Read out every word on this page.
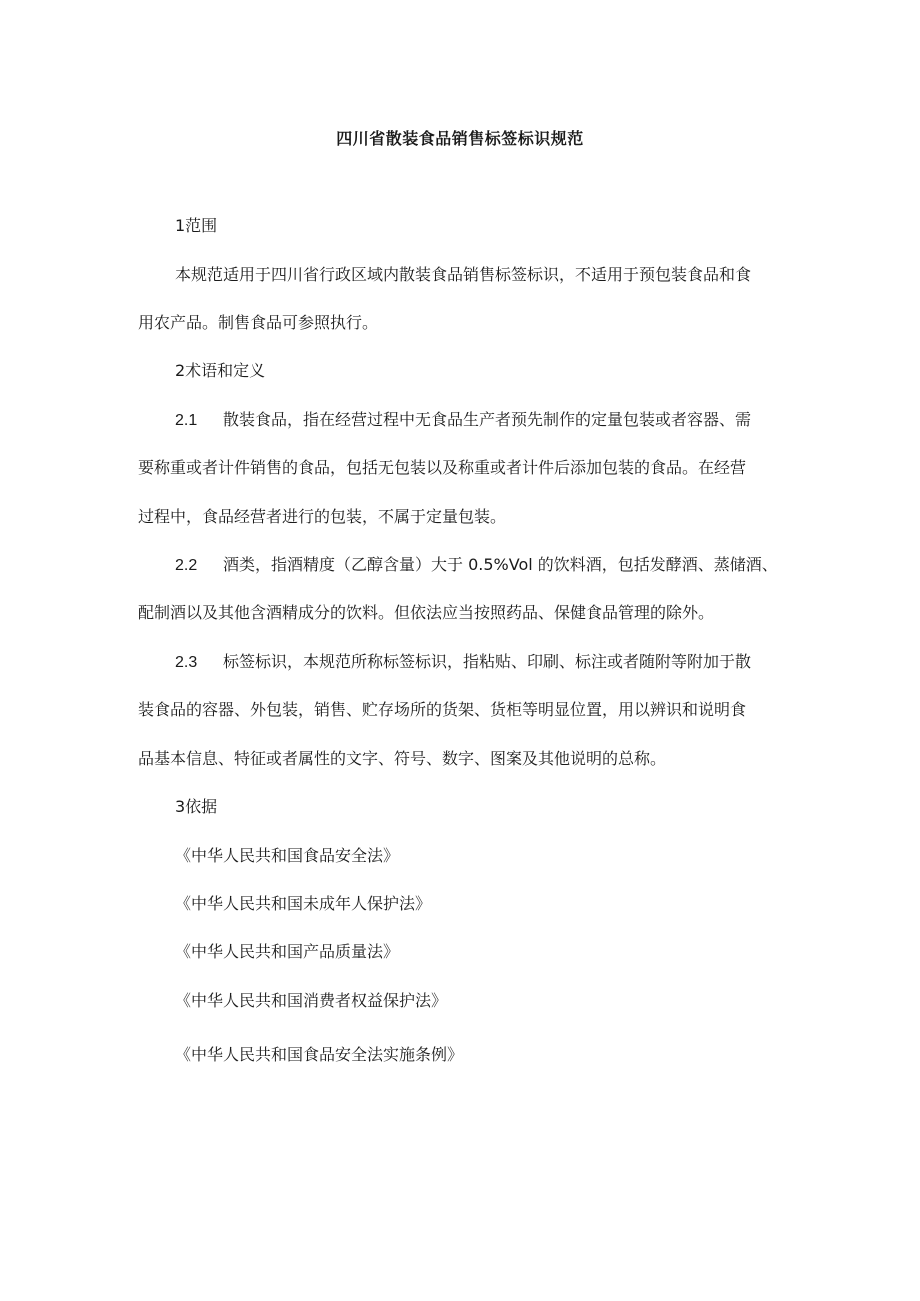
四川省散装食品销售标签标识规范
1范围
本规范适用于四川省行政区域内散装食品销售标签标识，不适用于预包装食品和食
用农产品。制售食品可参照执行。
2术语和定义
2.1 散装食品，指在经营过程中无食品生产者预先制作的定量包装或者容器、需
要称重或者计件销售的食品，包括无包装以及称重或者计件后添加包装的食品。在经营
过程中，食品经营者进行的包装，不属于定量包装。
2.2 酒类，指酒精度（乙醇含量）大于 0.5%Vol 的饮料酒，包括发酵酒、蒸储酒、
配制酒以及其他含酒精成分的饮料。但依法应当按照药品、保健食品管理的除外。
2.3 标签标识，本规范所称标签标识，指粘贴、印刷、标注或者随附等附加于散
装食品的容器、外包装，销售、贮存场所的货架、货柜等明显位置，用以辨识和说明食
品基本信息、特征或者属性的文字、符号、数字、图案及其他说明的总称。
3依据
《中华人民共和国食品安全法》
《中华人民共和国未成年人保护法》
《中华人民共和国产品质量法》
《中华人民共和国消费者权益保护法》
《中华人民共和国食品安全法实施条例》
